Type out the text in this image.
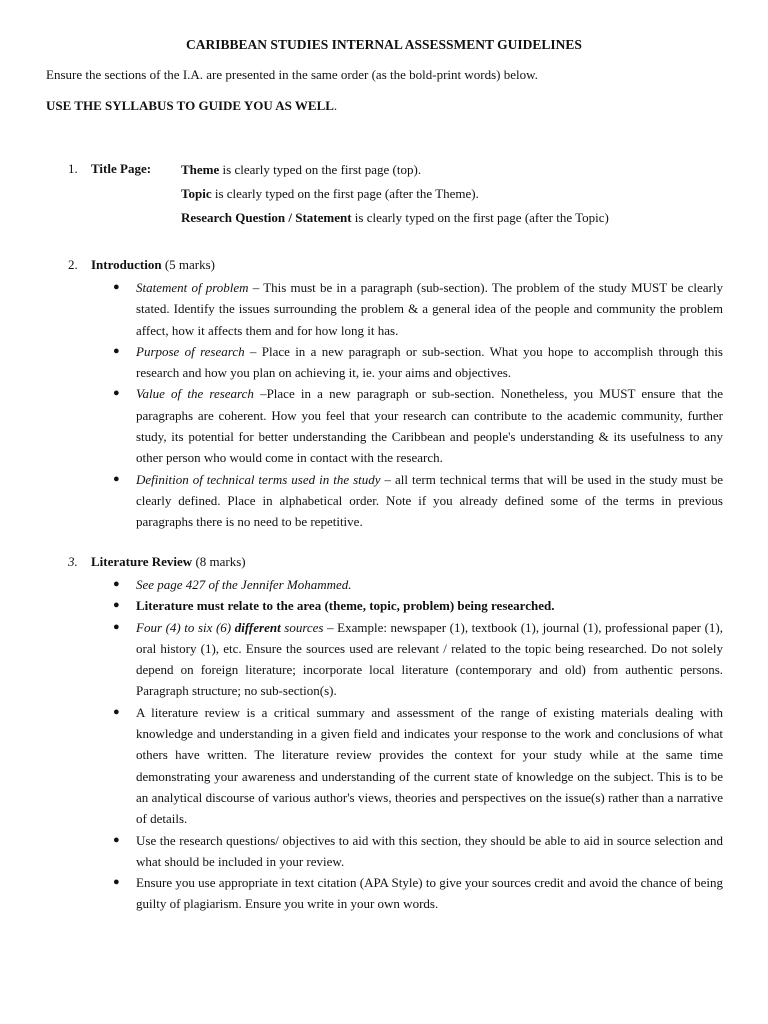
CARIBBEAN STUDIES INTERNAL ASSESSMENT GUIDELINES

Ensure the sections of the I.A. are presented in the same order (as the bold-print words) below.

USE THE SYLLABUS TO GUIDE YOU AS WELL.

1. Title Page: Theme is clearly typed on the first page (top).
Topic is clearly typed on the first page (after the Theme).
Research Question / Statement is clearly typed on the first page (after the Topic)
2. Introduction (5 marks)
● Statement of problem – This must be in a paragraph (sub-section). The problem of the study MUST be clearly stated. Identify the issues surrounding the problem & a general idea of the people and community the problem affect, how it affects them and for how long it has.
● Purpose of research – Place in a new paragraph or sub-section. What you hope to accomplish through this research and how you plan on achieving it, ie. your aims and objectives.
● Value of the research –Place in a new paragraph or sub-section. Nonetheless, you MUST ensure that the paragraphs are coherent. How you feel that your research can contribute to the academic community, further study, its potential for better understanding the Caribbean and people's understanding & its usefulness to any other person who would come in contact with the research.
● Definition of technical terms used in the study – all term technical terms that will be used in the study must be clearly defined. Place in alphabetical order. Note if you already defined some of the terms in previous paragraphs there is no need to be repetitive.
3. Literature Review (8 marks)
● See page 427 of the Jennifer Mohammed.
● Literature must relate to the area (theme, topic, problem) being researched.
● Four (4) to six (6) different sources – Example: newspaper (1), textbook (1), journal (1), professional paper (1), oral history (1), etc. Ensure the sources used are relevant / related to the topic being researched. Do not solely depend on foreign literature; incorporate local literature (contemporary and old) from authentic persons. Paragraph structure; no sub-section(s).
● A literature review is a critical summary and assessment of the range of existing materials dealing with knowledge and understanding in a given field and indicates your response to the work and conclusions of what others have written. The literature review provides the context for your study while at the same time demonstrating your awareness and understanding of the current state of knowledge on the subject. This is to be an analytical discourse of various author's views, theories and perspectives on the issue(s) rather than a narrative of details.
● Use the research questions/ objectives to aid with this section, they should be able to aid in source selection and what should be included in your review.
● Ensure you use appropriate in text citation (APA Style) to give your sources credit and avoid the chance of being guilty of plagiarism. Ensure you write in your own words.
